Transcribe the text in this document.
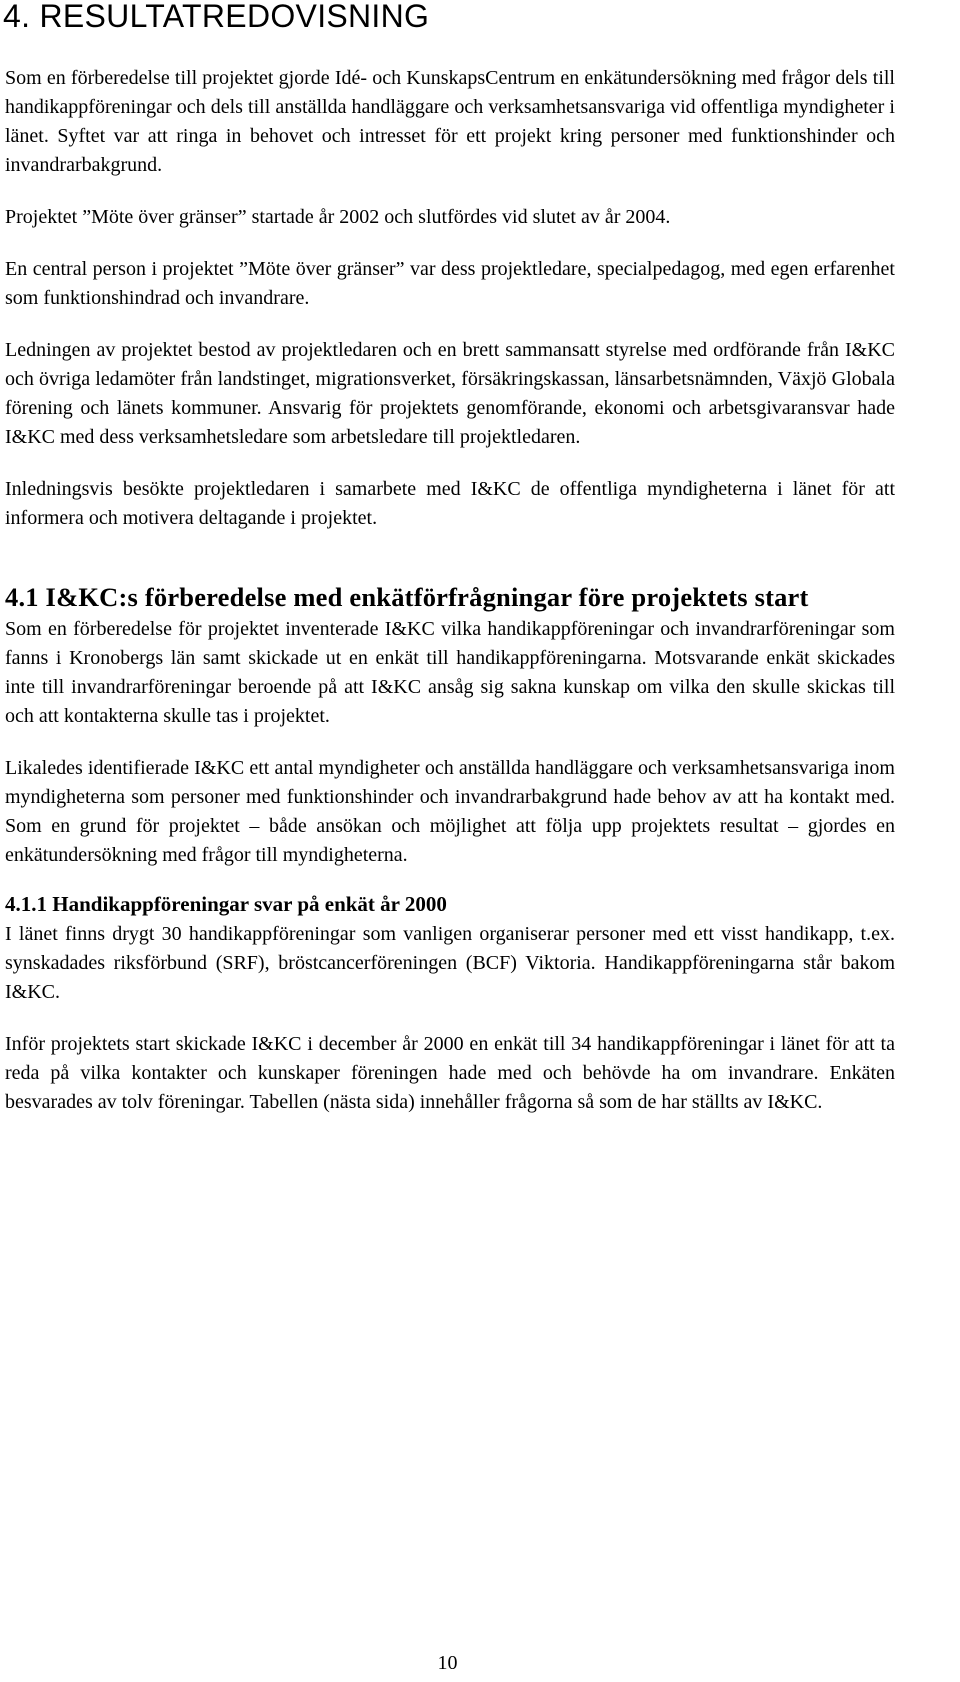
4. RESULTATREDOVISNING

Som en förberedelse till projektet gjorde Idé- och KunskapsCentrum en enkätundersökning med frågor dels till handikappföreningar och dels till anställda handläggare och verksamhetsansvariga vid offentliga myndigheter i länet. Syftet var att ringa in behovet och intresset för ett projekt kring personer med funktionshinder och invandrarbakgrund.

Projektet ”Möte över gränser” startade år 2002 och slutfördes vid slutet av år 2004.

En central person i projektet ”Möte över gränser” var dess projektledare, specialpedagog, med egen erfarenhet som funktionshindrad och invandrare.

Ledningen av projektet bestod av projektledaren och en brett sammansatt styrelse med ordförande från I&KC och övriga ledamöter från landstinget, migrationsverket, försäkringskassan, länsarbetsnämnden, Växjö Globala förening och länets kommuner. Ansvarig för projektets genomförande, ekonomi och arbetsgivaransvar hade I&KC med dess verksamhetsledare som arbetsledare till projektledaren.

Inledningsvis besökte projektledaren i samarbete med I&KC de offentliga myndigheterna i länet för att informera och motivera deltagande i projektet.

4.1 I&KC:s förberedelse med enkätförfrågningar före projektets start

Som en förberedelse för projektet inventerade I&KC vilka handikappföreningar och invandrarföreningar som fanns i Kronobergs län samt skickade ut en enkät till handikappföreningarna. Motsvarande enkät skickades inte till invandrarföreningar beroende på att I&KC ansåg sig sakna kunskap om vilka den skulle skickas till och att kontakterna skulle tas i projektet.

Likaledes identifierade I&KC ett antal myndigheter och anställda handläggare och verksamhetsansvariga inom myndigheterna som personer med funktionshinder och invandrarbakgrund hade behov av att ha kontakt med. Som en grund för projektet – både ansökan och möjlighet att följa upp projektets resultat – gjordes en enkätundersökning med frågor till myndigheterna.

4.1.1 Handikappföreningar svar på enkät år 2000

I länet finns drygt 30 handikappföreningar som vanligen organiserar personer med ett visst handikapp, t.ex. synskadades riksförbund (SRF), bröstcancerföreningen (BCF) Viktoria. Handikappföreningarna står bakom I&KC.

Inför projektets start skickade I&KC i december år 2000 en enkät till 34 handikappföreningar i länet för att ta reda på vilka kontakter och kunskaper föreningen hade med och behövde ha om invandrare. Enkäten besvarades av tolv föreningar. Tabellen (nästa sida) innehåller frågorna så som de har ställts av I&KC.

10
